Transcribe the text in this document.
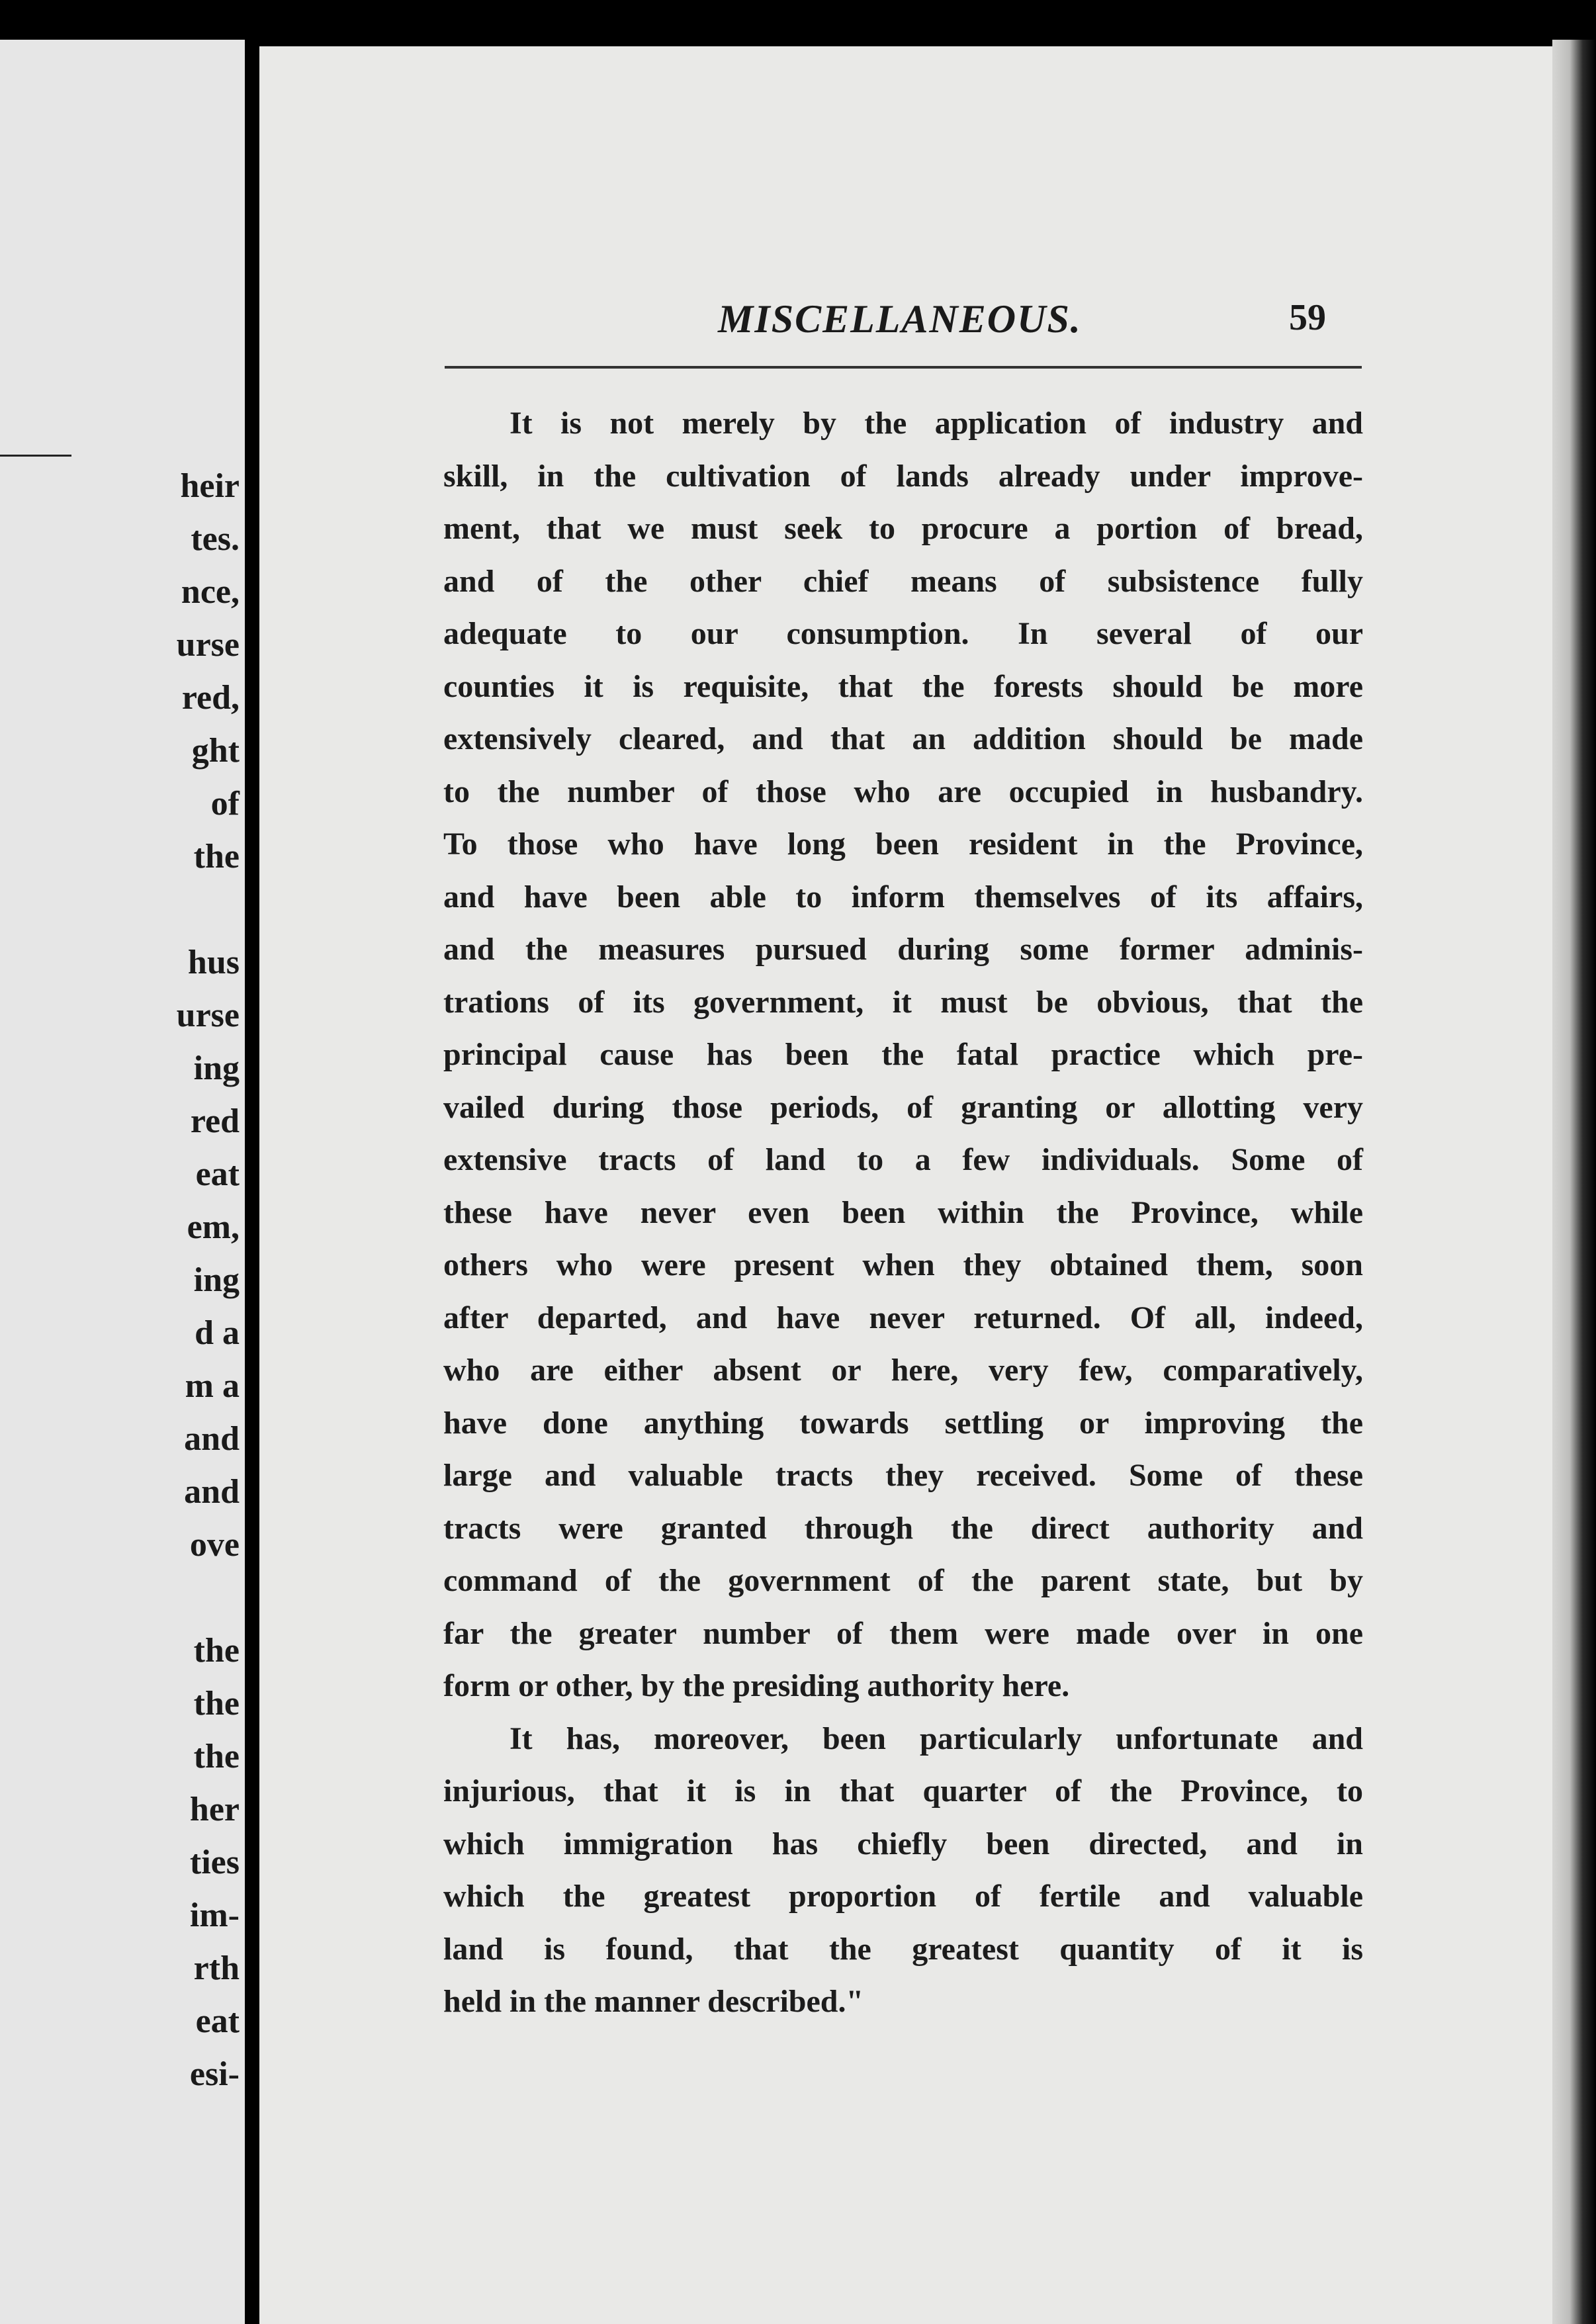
heir
tes.
nce,
urse
red,
ght
of
the
hus
urse
ing
red
eat
em,
ing
d a
m a
and
and
ove
the
the
the
her
ties
im-
rth
eat
esi-
MISCELLANEOUS.	59
It is not merely by the application of industry and
skill, in the cultivation of lands already under improve-
ment, that we must seek to procure a portion of bread,
and of the other chief means of subsistence fully
adequate to our consumption. In several of our
counties it is requisite, that the forests should be more
extensively cleared, and that an addition should be made
to the number of those who are occupied in husbandry.
To those who have long been resident in the Province,
and have been able to inform themselves of its affairs,
and the measures pursued during some former adminis-
trations of its government, it must be obvious, that the
principal cause has been the fatal practice which pre-
vailed during those periods, of granting or allotting very
extensive tracts of land to a few individuals. Some of
these have never even been within the Province, while
others who were present when they obtained them, soon
after departed, and have never returned. Of all, indeed,
who are either absent or here, very few, comparatively,
have done anything towards settling or improving the
large and valuable tracts they received. Some of these
tracts were granted through the direct authority and
command of the government of the parent state, but by
far the greater number of them were made over in one
form or other, by the presiding authority here.
It has, moreover, been particularly unfortunate and
injurious, that it is in that quarter of the Province, to
which immigration has chiefly been directed, and in
which the greatest proportion of fertile and valuable
land is found, that the greatest quantity of it is
held in the manner described."
